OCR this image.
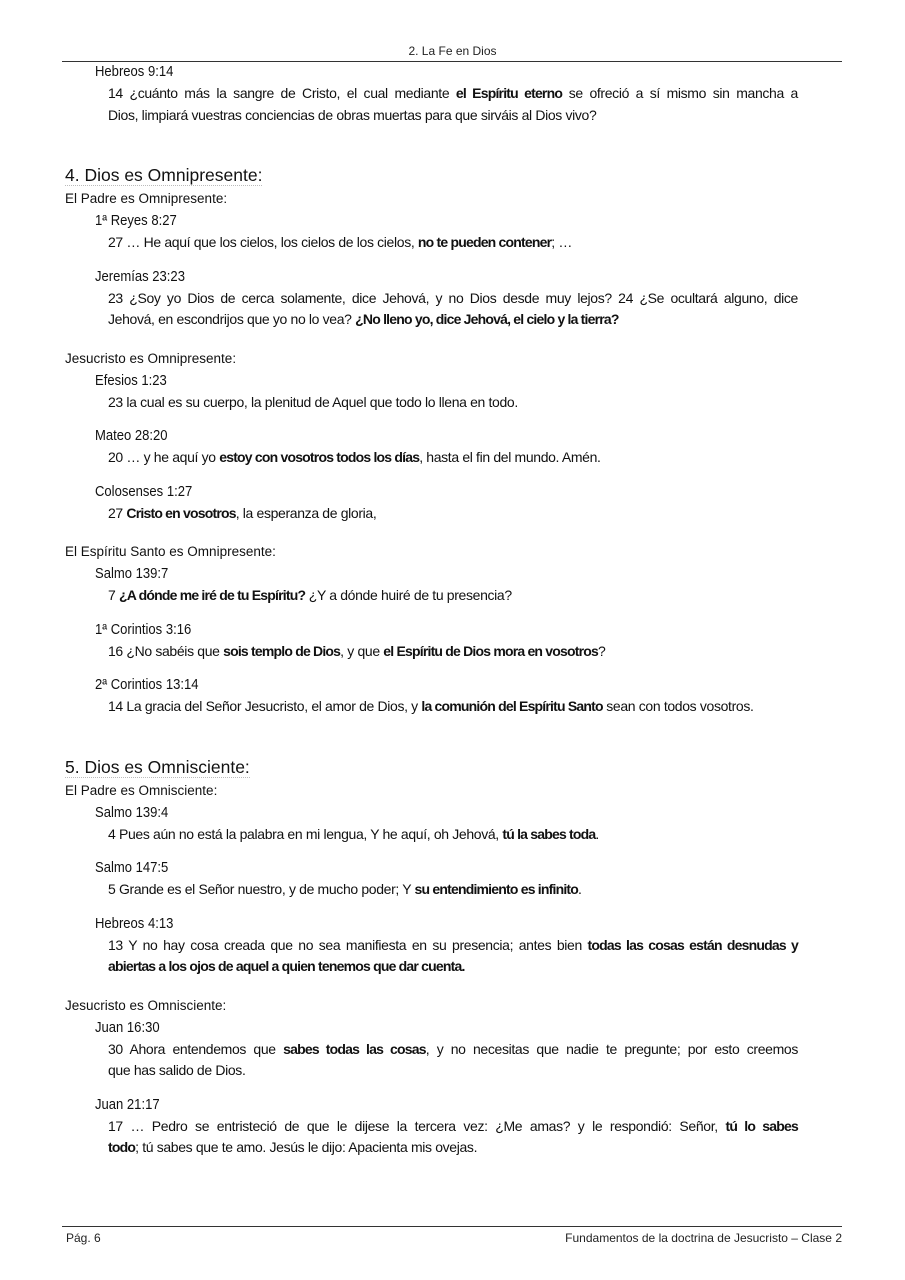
2. La Fe en Dios
Hebreos 9:14
14 ¿cuánto más la sangre de Cristo, el cual mediante el Espíritu eterno se ofreció a sí mismo sin mancha a
Dios, limpiará vuestras conciencias de obras muertas para que sirváis al Dios vivo?
4. Dios es Omnipresente:
El Padre es Omnipresente:
1ª Reyes 8:27
27 … He aquí que los cielos, los cielos de los cielos, no te pueden contener; …
Jeremías 23:23
23 ¿Soy yo Dios de cerca solamente, dice Jehová, y no Dios desde muy lejos? 24 ¿Se ocultará alguno, dice
Jehová, en escondrijos que yo no lo vea? ¿No lleno yo, dice Jehová, el cielo y la tierra?
Jesucristo es Omnipresente:
Efesios 1:23
23 la cual es su cuerpo, la plenitud de Aquel que todo lo llena en todo.
Mateo 28:20
20 … y he aquí yo estoy con vosotros todos los días, hasta el fin del mundo. Amén.
Colosenses 1:27
27 Cristo en vosotros, la esperanza de gloria,
El Espíritu Santo es Omnipresente:
Salmo 139:7
7 ¿A dónde me iré de tu Espíritu? ¿Y a dónde huiré de tu presencia?
1ª Corintios 3:16
16 ¿No sabéis que sois templo de Dios, y que el Espíritu de Dios mora en vosotros?
2ª Corintios 13:14
14 La gracia del Señor Jesucristo, el amor de Dios, y la comunión del Espíritu Santo sean con todos vosotros.
5. Dios es Omnisciente:
El Padre es Omnisciente:
Salmo 139:4
4 Pues aún no está la palabra en mi lengua, Y he aquí, oh Jehová, tú la sabes toda.
Salmo 147:5
5 Grande es el Señor nuestro, y de mucho poder; Y su entendimiento es infinito.
Hebreos 4:13
13 Y no hay cosa creada que no sea manifiesta en su presencia; antes bien todas las cosas están desnudas y
abiertas a los ojos de aquel a quien tenemos que dar cuenta.
Jesucristo es Omnisciente:
Juan 16:30
30 Ahora entendemos que sabes todas las cosas, y no necesitas que nadie te pregunte; por esto creemos
que has salido de Dios.
Juan 21:17
17 … Pedro se entristeció de que le dijese la tercera vez: ¿Me amas? y le respondió: Señor, tú lo sabes
todo; tú sabes que te amo. Jesús le dijo: Apacienta mis ovejas.
Pág. 6	Fundamentos de la doctrina de Jesucristo – Clase 2
